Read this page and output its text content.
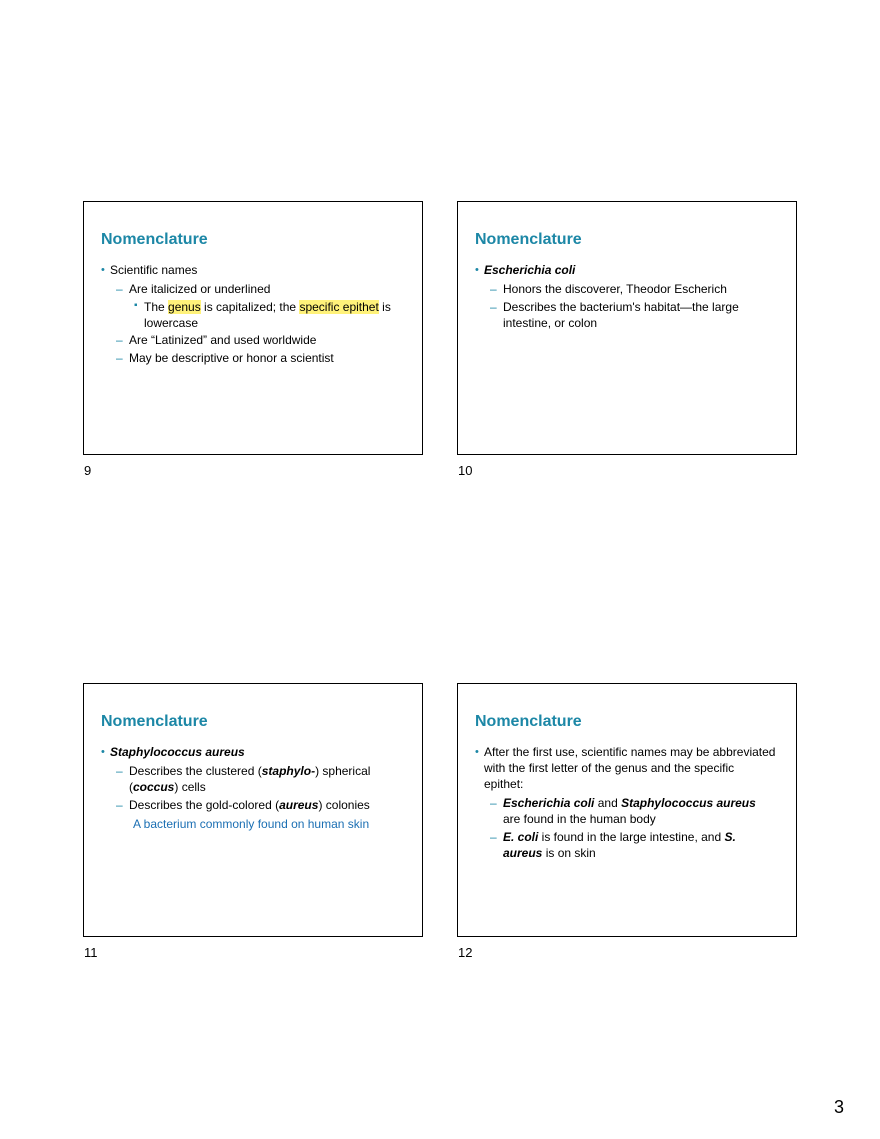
Nomenclature
• Scientific names
– Are italicized or underlined
▪ The genus is capitalized; the specific epithet is lowercase
– Are “Latinized” and used worldwide
– May be descriptive or honor a scientist
9
Nomenclature
• Escherichia coli
– Honors the discoverer, Theodor Escherich
– Describes the bacterium's habitat—the large intestine, or colon
10
Nomenclature
• Staphylococcus aureus
– Describes the clustered (staphylo-) spherical (coccus) cells
– Describes the gold-colored (aureus) colonies
A bacterium commonly found on human skin
11
Nomenclature
• After the first use, scientific names may be abbreviated with the first letter of the genus and the specific epithet:
– Escherichia coli and Staphylococcus aureus are found in the human body
– E. coli is found in the large intestine, and S. aureus is on skin
12
3
